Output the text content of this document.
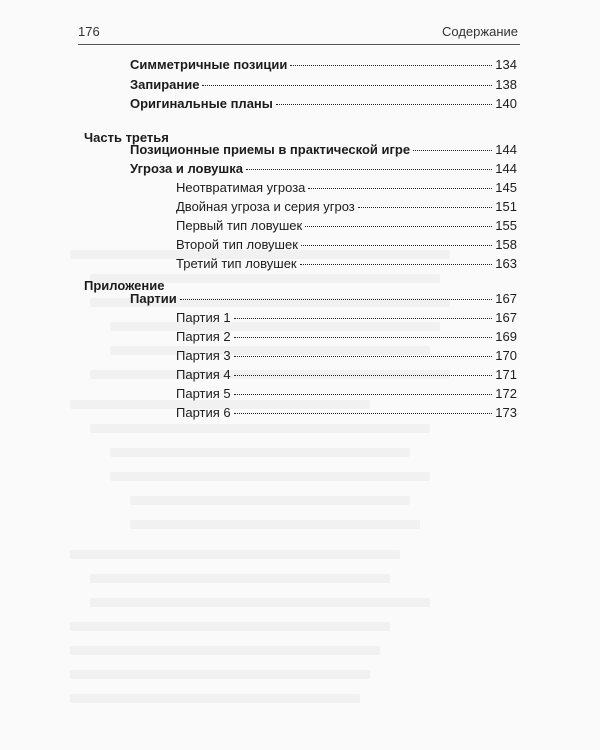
176	Содержание
Симметричные позиции	134
Запирание	138
Оригинальные планы	140
Часть третья
Позиционные приемы в практической игре	144
Угроза и ловушка	144
Неотвратимая угроза	145
Двойная угроза и серия угроз	151
Первый тип ловушек	155
Второй тип ловушек	158
Третий тип ловушек	163
Приложение
Партии	167
Партия 1	167
Партия 2	169
Партия 3	170
Партия 4	171
Партия 5	172
Партия 6	173
